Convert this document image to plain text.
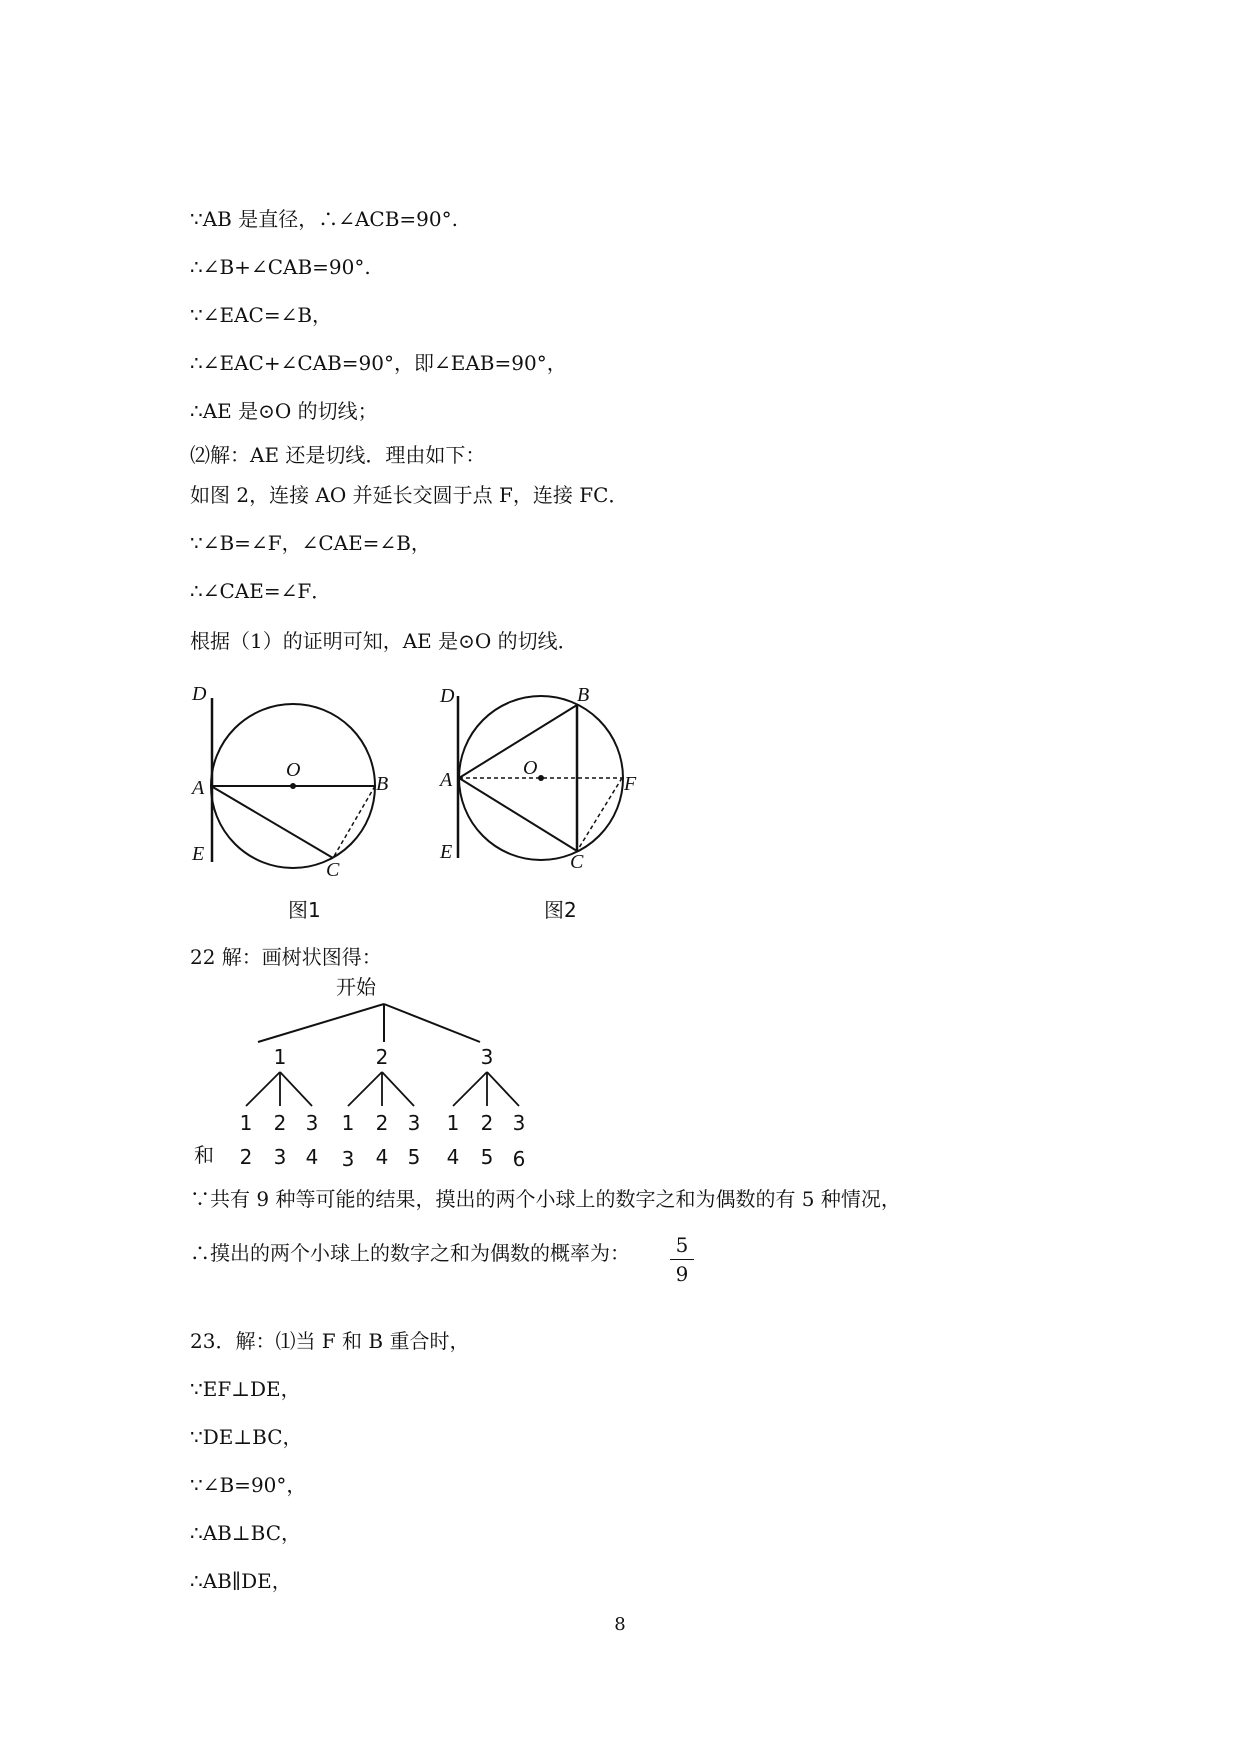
∵AB 是直径，∴∠ACB=90°.
∴∠B+∠CAB=90°.
∵∠EAC=∠B，
∴∠EAC+∠CAB=90°，即∠EAB=90°，
∴AE 是⊙O 的切线；
⑵解：AE 还是切线．理由如下：
如图 2，连接 AO 并延长交圆于点 F，连接 FC．
∵∠B=∠F，∠CAE=∠B，
∴∠CAE=∠F．
根据（1）的证明可知，AE 是⊙O 的切线．
D
A
E
O
B
C
图1
D
A
E
O
B
F
C
图2
22 解：画树状图得：
开始
1	2	3
1 2 3 1 2 3 1 2 3
和 2 3 4 3 4 5 4 5 6
∵共有 9 种等可能的结果，摸出的两个小球上的数字之和为偶数的有 5 种情况，
∴摸出的两个小球上的数字之和为偶数的概率为： 5
9
23．解：⑴当 F 和 B 重合时，
∵EF⊥DE，
∵DE⊥BC，
∵∠B=90°，
∴AB⊥BC，
∴AB∥DE，
8
